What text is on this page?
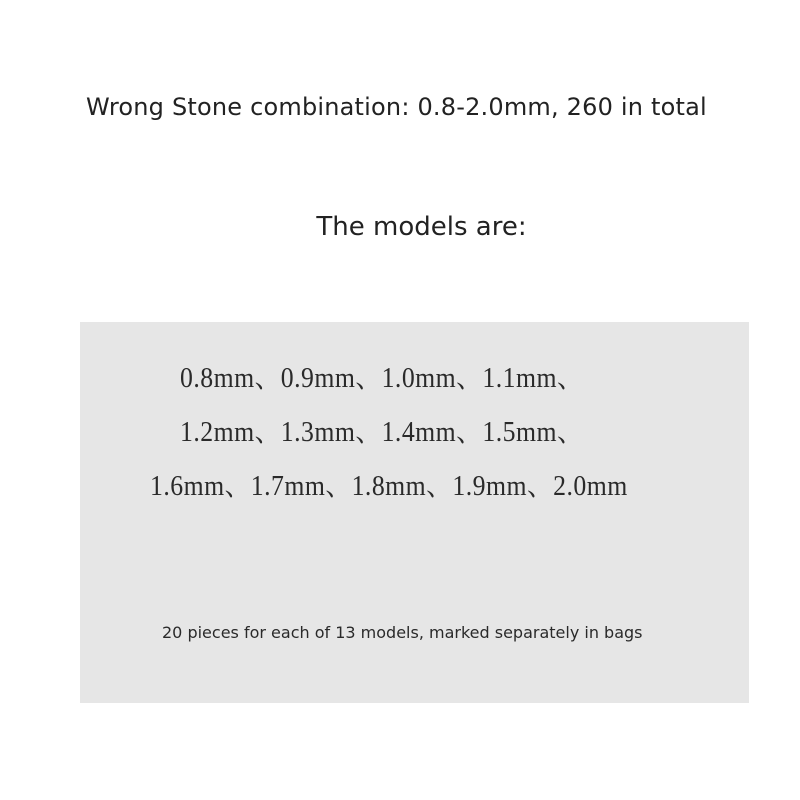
Wrong Stone combination: 0.8-2.0mm, 260 in total
The models are:
0.8mm、0.9mm、1.0mm、1.1mm、
1.2mm、1.3mm、1.4mm、1.5mm、
1.6mm、1.7mm、1.8mm、1.9mm、2.0mm
20 pieces for each of 13 models, marked separately in bags
